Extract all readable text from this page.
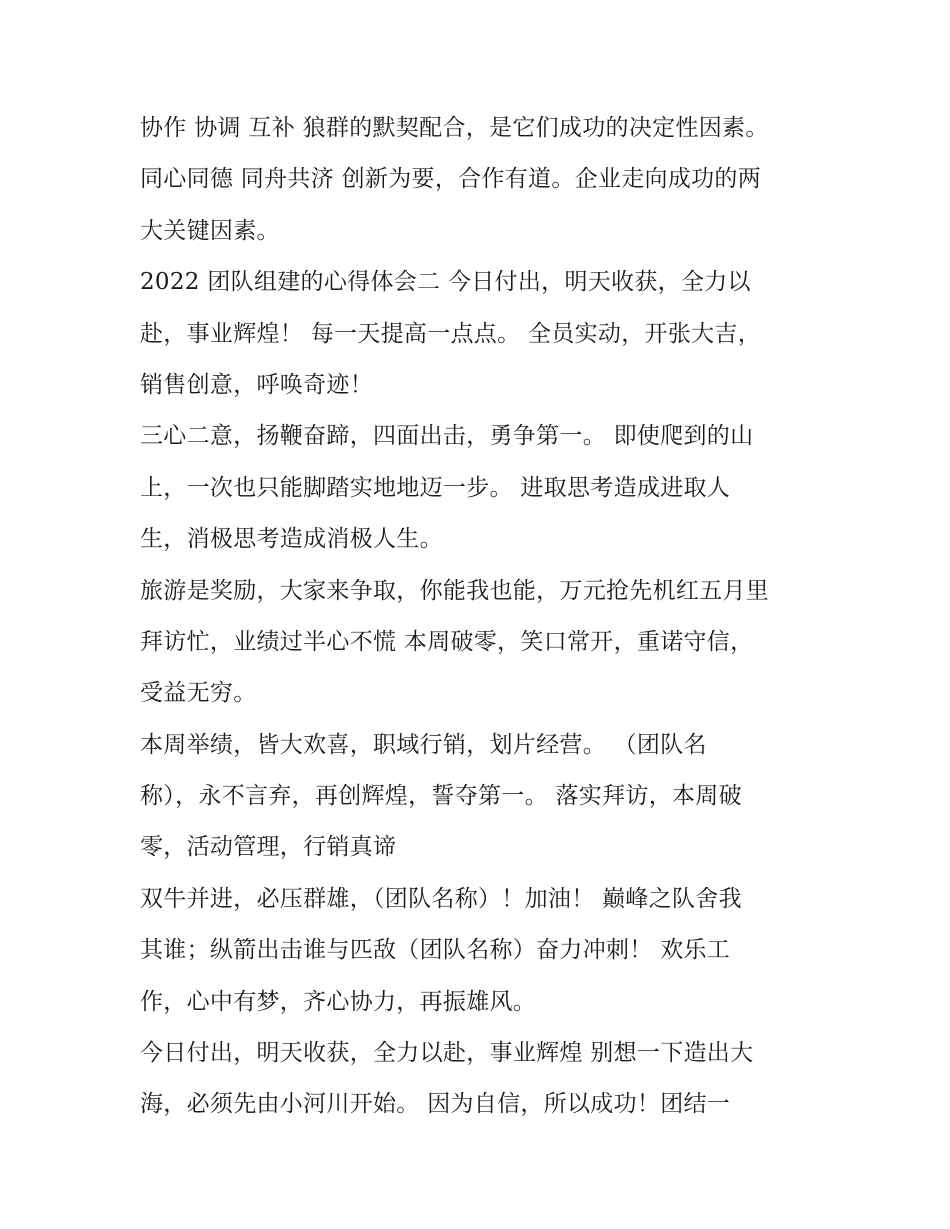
协作 协调 互补 狼群的默契配合，是它们成功的决定性因素。
同心同德 同舟共济 创新为要，合作有道。企业走向成功的两
大关键因素。
2022 团队组建的心得体会二 今日付出，明天收获，全力以
赴，事业辉煌！ 每一天提高一点点。 全员实动，开张大吉，
销售创意，呼唤奇迹！
三心二意，扬鞭奋蹄，四面出击，勇争第一。 即使爬到的山
上，一次也只能脚踏实地地迈一步。 进取思考造成进取人
生，消极思考造成消极人生。
旅游是奖励，大家来争取，你能我也能，万元抢先机红五月里
拜访忙，业绩过半心不慌 本周破零，笑口常开，重诺守信，
受益无穷。
本周举绩，皆大欢喜，职域行销，划片经营。 （团队名
称），永不言弃，再创辉煌，誓夺第一。 落实拜访，本周破
零，活动管理，行销真谛
双牛并进，必压群雄，（团队名称）！加油！ 巅峰之队舍我
其谁；纵箭出击谁与匹敌（团队名称）奋力冲刺！ 欢乐工
作，心中有梦，齐心协力，再振雄风。
今日付出，明天收获，全力以赴，事业辉煌 别想一下造出大
海，必须先由小河川开始。 因为自信，所以成功！团结一
